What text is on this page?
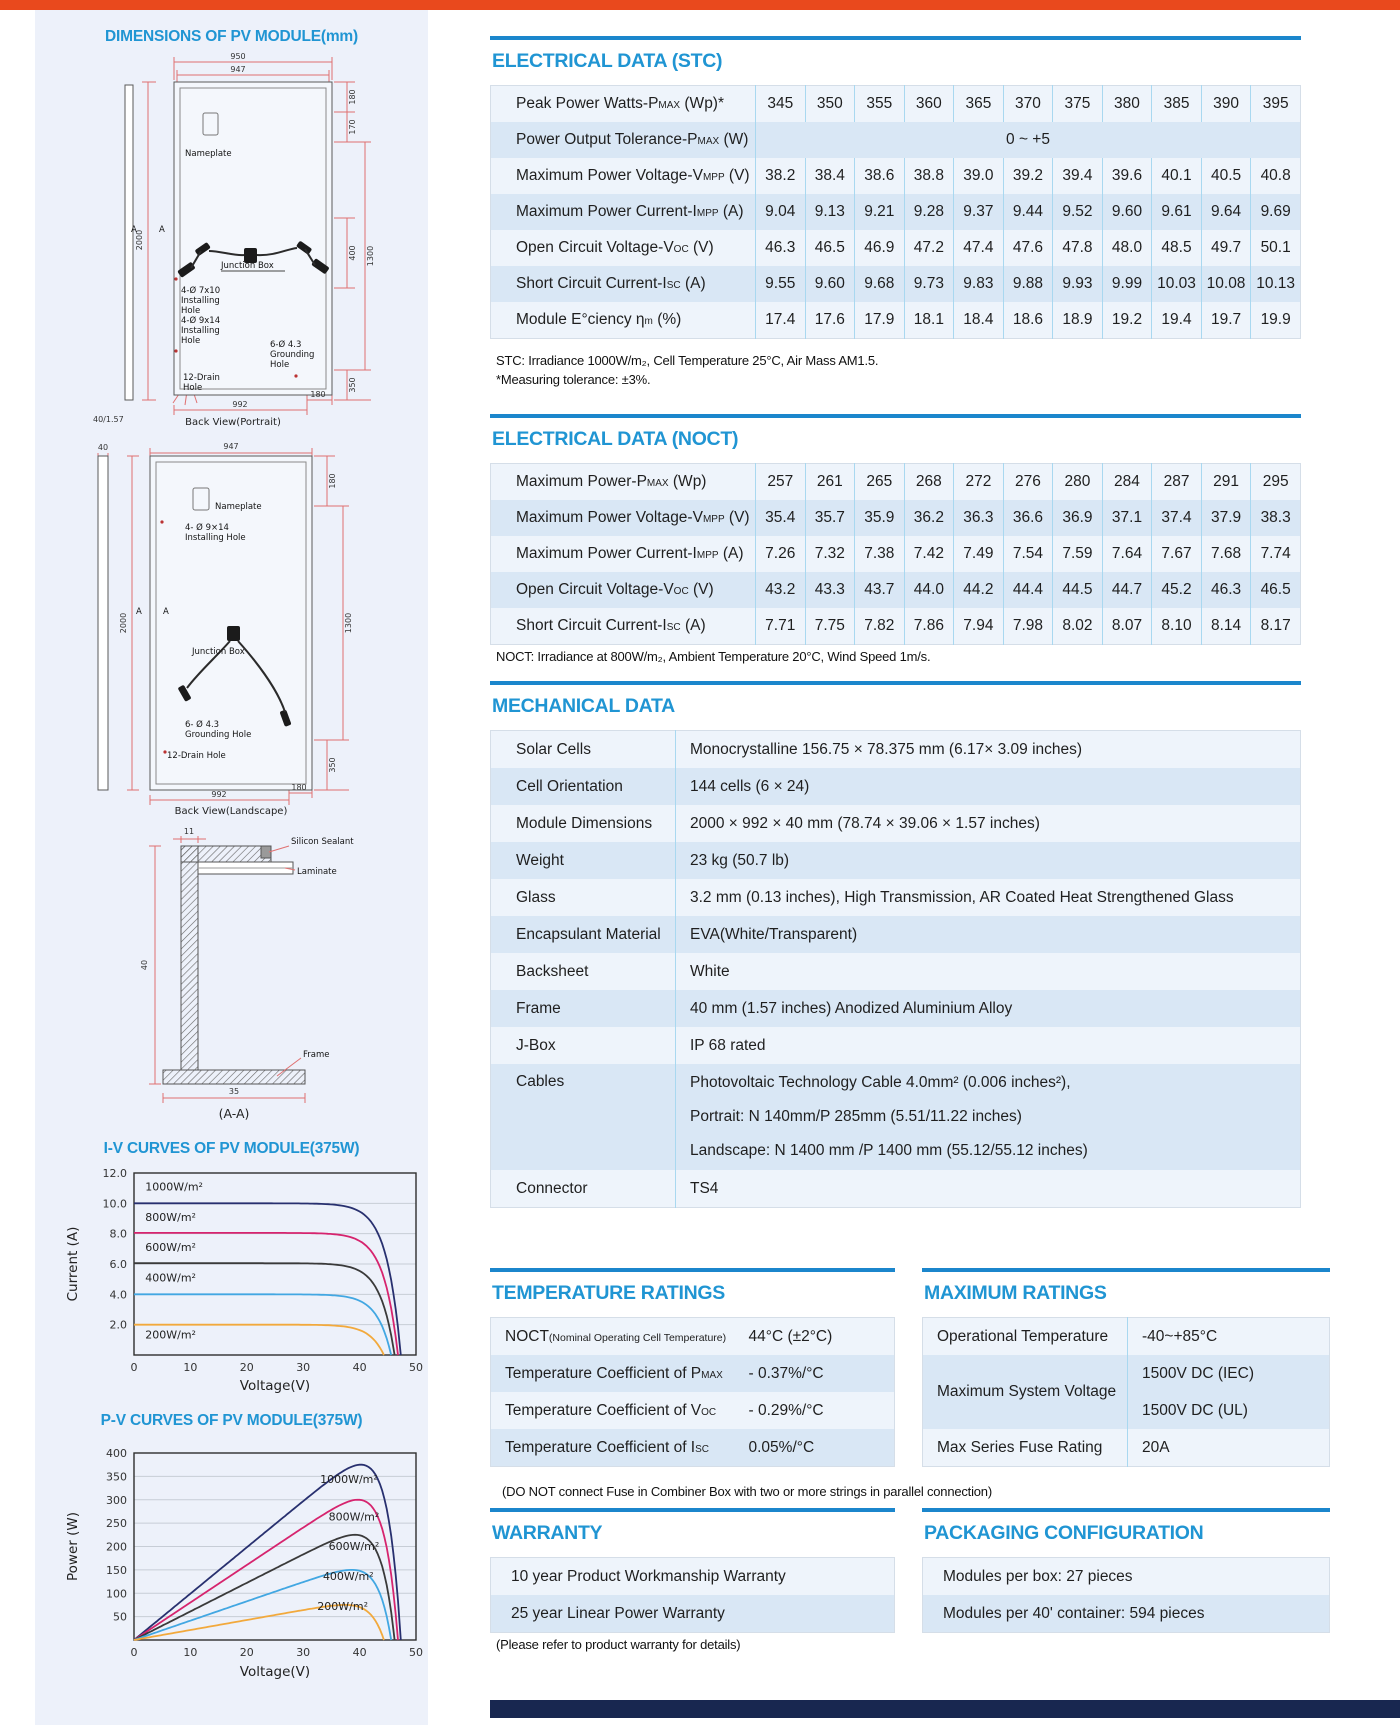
DIMENSIONS OF PV MODULE(mm)
950
947
2000
180
170
400 1300
350
Nameplate
A	A
Junction Box
4-Ø 7x10
Installing
Hole
4-Ø 9x14
Installing
Hole	6-Ø 4.3
Grounding
Hole
12-Drain
Hole
992
180
40/1.57	Back View(Portrait)
40	947
2000
180
1300
350
Nameplate
4- Ø 9×14
Installing Hole
A A
Junction Box
6- Ø 4.3
Grounding Hole
12-Drain Hole
992
180
Back View(Landscape)
11
40
35
Silicon Sealant
Laminate
Frame
(A-A)
I-V CURVES OF PV MODULE(375W)
2.0
4.0
6.0
8.0
10.0
12.0
0	10	20	30	40	50
1000W/m²
800W/m²
600W/m²
400W/m²
200W/m²
Voltage(V)
Current (A)
P-V CURVES OF PV MODULE(375W)
50
100
150
200
250
300
350
400
0	10	20	30	40	50
1000W/m²
800W/m²
600W/m²
400W/m²
200W/m²
Voltage(V)
Power (W)
ELECTRICAL DATA (STC)
Peak Power Watts-PMAX (Wp)*	345	350	355	360	365	370	375	380	385	390	395
Power Output Tolerance-PMAX (W)	0 ~ +5										
Maximum Power Voltage-VMPP (V)	38.2	38.4	38.6	38.8	39.0	39.2	39.4	39.6	40.1	40.5	40.8
Maximum Power Current-IMPP (A)	9.04	9.13	9.21	9.28	9.37	9.44	9.52	9.60	9.61	9.64	9.69
Open Circuit Voltage-VOC (V)	46.3	46.5	46.9	47.2	47.4	47.6	47.8	48.0	48.5	49.7	50.1
Short Circuit Current-ISC (A)	9.55	9.60	9.68	9.73	9.83	9.88	9.93	9.99	10.03	10.08	10.13
Module E°ciency ηm (%)	17.4	17.6	17.9	18.1	18.4	18.6	18.9	19.2	19.4	19.7	19.9
STC: Irradiance 1000W/m₂, Cell Temperature 25°C, Air Mass AM1.5.
*Measuring tolerance: ±3%.
ELECTRICAL DATA (NOCT)
Maximum Power-PMAX (Wp)	257	261	265	268	272	276	280	284	287	291	295
Maximum Power Voltage-VMPP (V)	35.4	35.7	35.9	36.2	36.3	36.6	36.9	37.1	37.4	37.9	38.3
Maximum Power Current-IMPP (A)	7.26	7.32	7.38	7.42	7.49	7.54	7.59	7.64	7.67	7.68	7.74
Open Circuit Voltage-VOC (V)	43.2	43.3	43.7	44.0	44.2	44.4	44.5	44.7	45.2	46.3	46.5
Short Circuit Current-ISC (A)	7.71	7.75	7.82	7.86	7.94	7.98	8.02	8.07	8.10	8.14	8.17
NOCT: Irradiance at 800W/m₂, Ambient Temperature 20°C, Wind Speed 1m/s.
MECHANICAL DATA
Solar Cells	Monocrystalline 156.75 × 78.375 mm (6.17× 3.09 inches)
Cell Orientation	144 cells (6 × 24)
Module Dimensions	2000 × 992 × 40 mm (78.74 × 39.06 × 1.57 inches)
Weight	23 kg (50.7 lb)
Glass	3.2 mm (0.13 inches), High Transmission, AR Coated Heat Strengthened Glass
Encapsulant Material	EVA(White/Transparent)
Backsheet	White
Frame	40 mm (1.57 inches) Anodized Aluminium Alloy
J-Box	IP 68 rated
Cables	Photovoltaic Technology Cable 4.0mm² (0.006 inches²),
Portrait: N 140mm/P 285mm (5.51/11.22 inches)
Landscape: N 1400 mm /P 1400 mm (55.12/55.12 inches)

Connector	TS4
TEMPERATURE RATINGS
NOCT(Nominal Operating Cell Temperature)	44°C (±2°C)
Temperature Coefficient of PMAX	- 0.37%/°C
Temperature Coefficient of VOC	- 0.29%/°C
Temperature Coefficient of ISC	0.05%/°C
MAXIMUM RATINGS
Operational Temperature	-40~+85°C

Maximum System Voltage	1500V DC (IEC)
1500V DC (UL)

Max Series Fuse Rating	20A
(DO NOT connect Fuse in Combiner Box with two or more strings in parallel connection)
WARRANTY
10 year Product Workmanship Warranty
25 year Linear Power Warranty
(Please refer to product warranty for details)
PACKAGING CONFIGURATION
Modules per box: 27 pieces
Modules per 40' container: 594 pieces
